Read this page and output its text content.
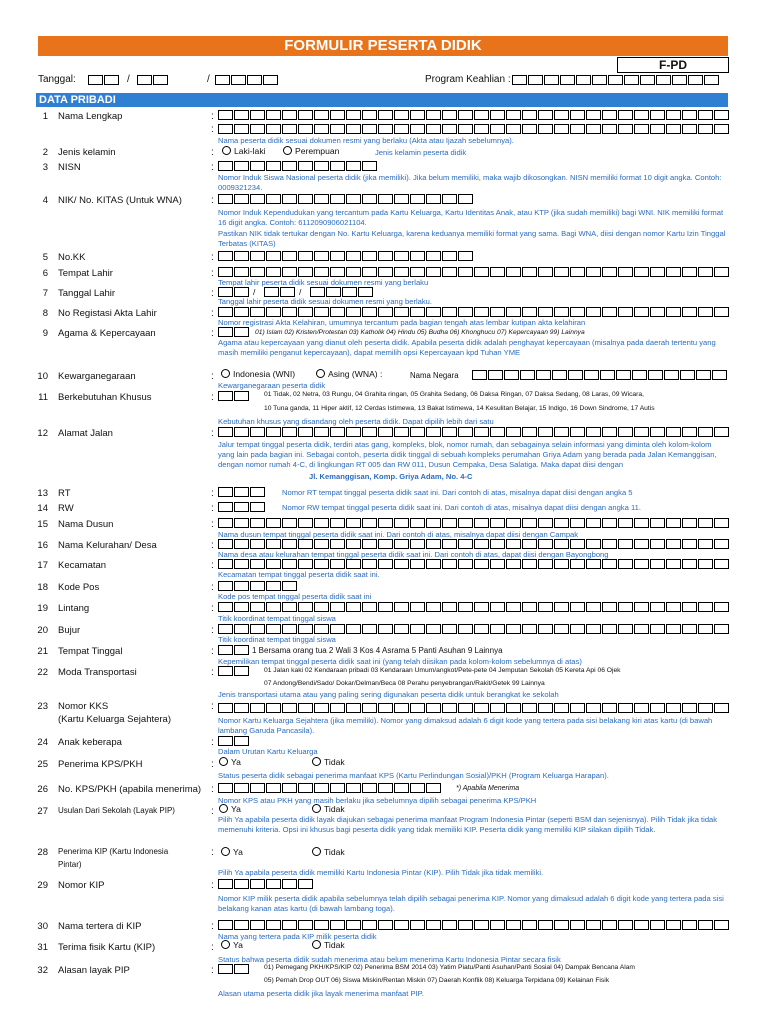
FORMULIR PESERTA DIDIK
F-PD
Tanggal:	/	/	Program Keahlian :
DATA PRIBADI
1 Nama Lengkap	:
:
Nama peserta didik sesuai dokumen resmi yang berlaku (Akta atau Ijazah sebelumnya).
2 Jenis kelamin	:	Laki-laki	Perempuan	Jenis kelamin peserta didik
3 NISN	:
Nomor Induk Siswa Nasional peserta didik (jika memiliki). Jika belum memiliki, maka wajib dikosongkan. NISN memiliki format 10 digit angka. Contoh: 0009321234.
4 NIK/ No. KITAS (Untuk WNA)	:
Nomor Induk Kependudukan yang tercantum pada Kartu Keluarga, Kartu Identitas Anak, atau KTP (jika sudah memiliki) bagi WNI. NIK memiliki format 16 digit angka. Contoh: 6112090906021104.
Pastikan NIK tidak tertukar dengan No. Kartu Keluarga, karena keduanya memiliki format yang sama. Bagi WNA, diisi dengan nomor Kartu Izin Tinggal Terbatas (KITAS)
5 No.KK	:
6 Tempat Lahir	:
Tempat lahir peserta didik sesuai dokumen resmi yang berlaku
7 Tanggal Lahir	:	/	/
Tanggal lahir peserta didik sesuai dokumen resmi yang berlaku.
8 No Registasi Akta Lahir	:
Nomor registrasi Akta Kelahiran, umumnya tercantum pada bagian tengah atas lembar kutipan akta kelahiran
9 Agama & Kepercayaan	:	01) Islam 02) Kristen/Protestan 03) Katholik 04) Hindu 05) Budha 06) Khonghucu 07) Kepercayaan 99) Lainnya
Agama atau kepercayaan yang dianut oleh peserta didik. Apabila peserta didik adalah penghayat kepercayaan (misalnya pada daerah tertentu yang masih memiliki penganut kepercayaan), dapat memilih opsi Kepercayaan kpd Tuhan YME
10 Kewarganegaraan	:	Indonesia (WNI)	Asing (WNA) :	Nama Negara
Kewarganegaraan peserta didik
11 Berkebutuhan Khusus	:	01 Tidak, 02 Netra, 03 Rungu, 04 Grahita ringan, 05 Grahita Sedang, 06 Daksa Ringan, 07 Daksa Sedang, 08 Laras, 09 Wicara,
10 Tuna ganda, 11 Hiper aktif, 12 Cerdas Istimewa, 13 Bakat Istimewa, 14 Kesulitan Belajar, 15 Indigo, 16 Down Sindrome, 17 Autis
Kebutuhan khusus yang disandang oleh peserta didik. Dapat dipilih lebih dari satu
12 Alamat Jalan	:
Jalur tempat tinggal peserta didik, terdiri atas gang, kompleks, blok, nomor rumah, dan sebagainya selain informasi yang diminta oleh kolom-kolom yang lain pada bagian ini. Sebagai contoh, peserta didik tinggal di sebuah kompleks perumahan Griya Adam yang berada pada Jalan Kemanggisan, dengan nomor rumah 4-C, di lingkungan RT 005 dan RW 011, Dusun Cempaka, Desa Salatiga. Maka dapat diisi dengan
Jl. Kemanggisan, Komp. Griya Adam, No. 4-C
13 RT	:	Nomor RT tempat tinggal peserta didik saat ini. Dari contoh di atas, misalnya dapat diisi dengan angka 5
14 RW	:	Nomor RW tempat tinggal peserta didik saat ini. Dari contoh di atas, misalnya dapat diisi dengan angka 11.
15 Nama Dusun	:
Nama dusun tempat tinggal peserta didik saat ini. Dari contoh di atas, misalnya dapat diisi dengan Campak
16 Nama Kelurahan/ Desa	:
Nama desa atau kelurahan tempat tinggal peserta didik saat ini. Dari contoh di atas, dapat diisi dengan Bayongbong
17 Kecamatan	:
Kecamatan tempat tinggal peserta didik saat ini.
18 Kode Pos	:
Kode pos tempat tinggal peserta didik saat ini
19 Lintang	:
Titik koordinat tempat tinggal siswa
20 Bujur	:
Titik koordinat tempat tinggal siswa
21 Tempat Tinggal	:	1 Bersama orang tua 2 Wali 3 Kos 4 Asrama 5 Panti Asuhan 9 Lainnya
Kepemilikan tempat tinggal peserta didik saat ini (yang telah diisikan pada kolom-kolom sebelumnya di atas)
22 Moda Transportasi	:	01 Jalan kaki 02 Kendaraan pribadi 03 Kendaraan Umum/angkot/Pete-pete 04 Jemputan Sekolah 05 Kereta Api 06 Ojek
07 Andong/Bendi/Sado/ Dokar/Delman/Beca 08 Perahu penyebrangan/Rakit/Getek 99 Lainnya
Jenis transportasi utama atau yang paling sering digunakan peserta didik untuk berangkat ke sekolah
23 Nomor KKS
(Kartu Keluarga Sejahtera)
:
Nomor Kartu Keluarga Sejahtera (jika memiliki). Nomor yang dimaksud adalah 6 digit kode yang tertera pada sisi belakang kiri atas kartu (di bawah lambang Garuda Pancasila).
24 Anak keberapa	:
Dalam Urutan Kartu Keluarga
25 Penerima KPS/PKH	:	Ya	Tidak
Status peserta didik sebagai penerima manfaat KPS (Kartu Perlindungan Sosial)/PKH (Program Keluarga Harapan).
26 No. KPS/PKH (apabila menerima) :	*) Apabila Menerima
Nomor KPS atau PKH yang masih berlaku jika sebelumnya dipilih sebagai penerima KPS/PKH
27 Usulan Dari Sekolah (Layak PIP)	:	Ya	Tidak
Pilih Ya apabila peserta didik layak diajukan sebagai penerima manfaat Program Indonesia Pintar (seperti BSM dan sejenisnya). Pilih Tidak jika tidak memenuhi kriteria. Opsi ini khusus bagi peserta didik yang tidak memiliki KIP. Peserta didik yang memiliki KIP silakan dipilih Tidak.
28 Penerima KIP (Kartu Indonesia
Pintar)
:	Ya	Tidak
Pilih Ya apabila peserta didik memiliki Kartu Indonesia Pintar (KIP). Pilih Tidak jika tidak memiliki.
29 Nomor KIP	:
Nomor KIP milik peserta didik apabila sebelumnya telah dipilih sebagai penerima KIP. Nomor yang dimaksud adalah 6 digit kode yang tertera pada sisi belakang kanan atas kartu (di bawah lambang toga).
30 Nama tertera di KIP	:
Nama yang tertera pada KIP milik peserta didik
31 Terima fisik Kartu (KIP)	:	Ya	Tidak
Status bahwa peserta didik sudah menerima atau belum menerima Kartu Indonesia Pintar secara fisik
32 Alasan layak PIP	:	01) Pemegang PKH/KPS/KIP 02) Penerima BSM 2014 03) Yatim Piatu/Panti Asuhan/Panti Sosial 04) Dampak Bencana Alam
05) Pernah Drop OUT 06) Siswa Miskin/Rentan Miskin 07) Daerah Konflik 08) Keluarga Terpidana 09) Kelainan Fisik
Alasan utama peserta didik jika layak menerima manfaat PIP.
